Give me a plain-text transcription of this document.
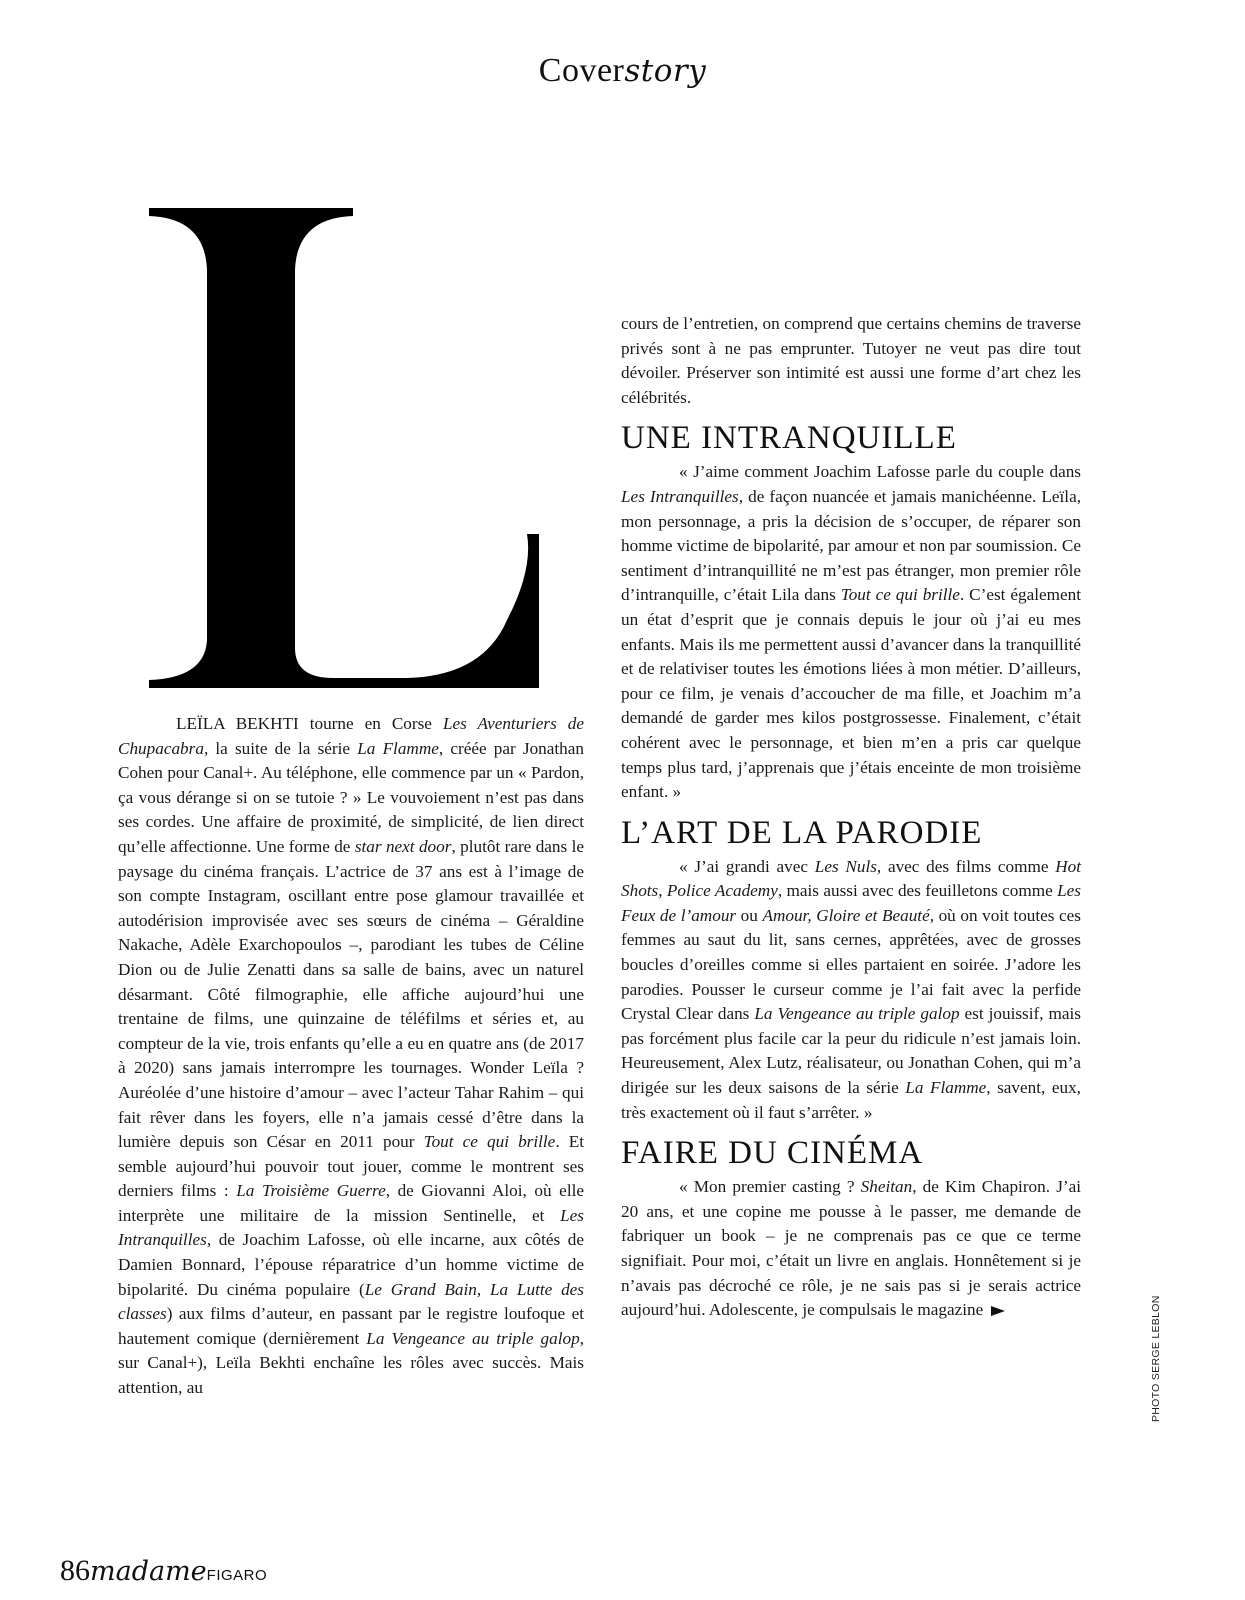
Coverstory
L

LEÏLA BEKHTI tourne en Corse Les Aventuriers de Chupacabra, la suite de la série La Flamme, créée par Jonathan Cohen pour Canal+. Au téléphone, elle commence par un « Pardon, ça vous dérange si on se tutoie ? » Le vouvoiement n’est pas dans ses cordes. Une affaire de proximité, de simplicité, de lien direct qu’elle affectionne. Une forme de star next door, plutôt rare dans le paysage du cinéma français. L’actrice de 37 ans est à l’image de son compte Instagram, oscillant entre pose glamour travaillée et autodérision improvisée avec ses sœurs de cinéma – Géraldine Nakache, Adèle Exarchopoulos –, parodiant les tubes de Céline Dion ou de Julie Zenatti dans sa salle de bains, avec un naturel désarmant. Côté filmographie, elle affiche aujourd’hui une trentaine de films, une quinzaine de téléfilms et séries et, au compteur de la vie, trois enfants qu’elle a eu en quatre ans (de 2017 à 2020) sans jamais interrompre les tournages. Wonder Leïla ? Auréolée d’une histoire d’amour – avec l’acteur Tahar Rahim – qui fait rêver dans les foyers, elle n’a jamais cessé d’être dans la lumière depuis son César en 2011 pour Tout ce qui brille. Et semble aujourd’hui pouvoir tout jouer, comme le montrent ses derniers films : La Troisième Guerre, de Giovanni Aloi, où elle interprète une militaire de la mission Sentinelle, et Les Intranquilles, de Joachim Lafosse, où elle incarne, aux côtés de Damien Bonnard, l’épouse réparatrice d’un homme victime de bipolarité. Du cinéma populaire (Le Grand Bain, La Lutte des classes) aux films d’auteur, en passant par le registre loufoque et hautement comique (dernièrement La Vengeance au triple galop, sur Canal+), Leïla Bekhti enchaîne les rôles avec succès. Mais attention, au

cours de l’entretien, on comprend que certains chemins de traverse privés sont à ne pas emprunter. Tutoyer ne veut pas dire tout dévoiler. Préserver son intimité est aussi une forme d’art chez les célébrités.

UNE INTRANQUILLE

« J’aime comment Joachim Lafosse parle du couple dans Les Intranquilles, de façon nuancée et jamais manichéenne. Leïla, mon personnage, a pris la décision de s’occuper, de réparer son homme victime de bipolarité, par amour et non par soumission. Ce sentiment d’intranquillité ne m’est pas étranger, mon premier rôle d’intranquille, c’était Lila dans Tout ce qui brille. C’est également un état d’esprit que je connais depuis le jour où j’ai eu mes enfants. Mais ils me permettent aussi d’avancer dans la tranquillité et de relativiser toutes les émotions liées à mon métier. D’ailleurs, pour ce film, je venais d’accoucher de ma fille, et Joachim m’a demandé de garder mes kilos postgrossesse. Finalement, c’était cohérent avec le personnage, et bien m’en a pris car quelque temps plus tard, j’apprenais que j’étais enceinte de mon troisième enfant. »

L’ART DE LA PARODIE

« J’ai grandi avec Les Nuls, avec des films comme Hot Shots, Police Academy, mais aussi avec des feuilletons comme Les Feux de l’amour ou Amour, Gloire et Beauté, où on voit toutes ces femmes au saut du lit, sans cernes, apprêtées, avec de grosses boucles d’oreilles comme si elles partaient en soirée. J’adore les parodies. Pousser le curseur comme je l’ai fait avec la perfide Crystal Clear dans La Vengeance au triple galop est jouissif, mais pas forcément plus facile car la peur du ridicule n’est jamais loin. Heureusement, Alex Lutz, réalisateur, ou Jonathan Cohen, qui m’a dirigée sur les deux saisons de la série La Flamme, savent, eux, très exactement où il faut s’arrêter. »

FAIRE DU CINÉMA

« Mon premier casting ? Sheitan, de Kim Chapiron. J’ai 20 ans, et une copine me pousse à le passer, me demande de fabriquer un book – je ne comprenais pas ce que ce terme signifiait. Pour moi, c’était un livre en anglais. Honnêtement si je n’avais pas décroché ce rôle, je ne sais pas si je serais actrice aujourd’hui. Adolescente, je compulsais le magazine	PHOTO SERGE LEBLON
86madameFIGARO
